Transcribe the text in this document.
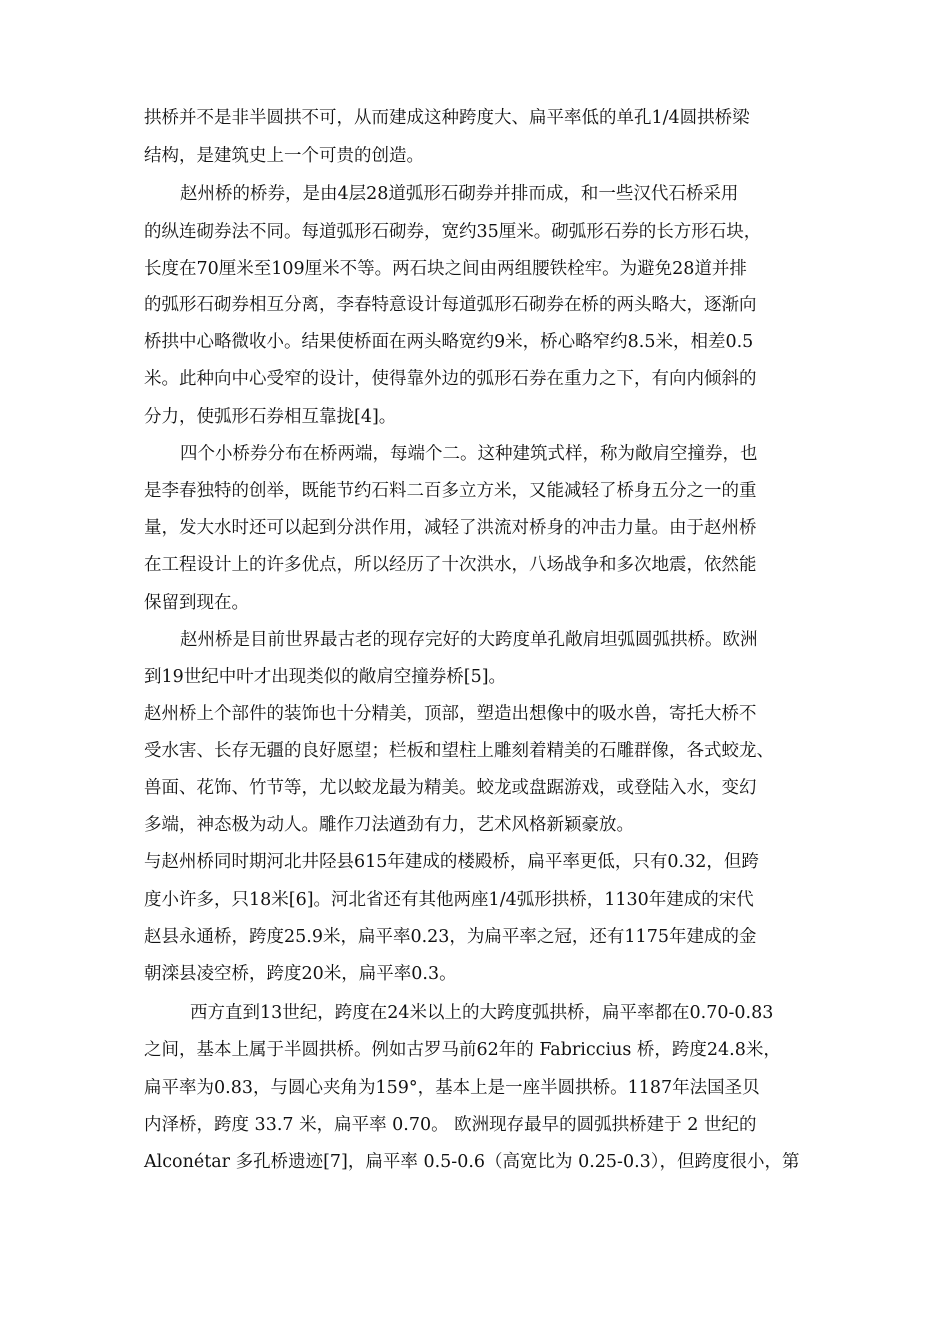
拱桥并不是非半圆拱不可，从而建成这种跨度大、扁平率低的单孔1/4圆拱桥梁
结构，是建筑史上一个可贵的创造。
赵州桥的桥券，是由4层28道弧形石砌券并排而成，和一些汉代石桥采用
的纵连砌券法不同。每道弧形石砌券，宽约35厘米。砌弧形石券的长方形石块，
长度在70厘米至109厘米不等。两石块之间由两组腰铁栓牢。为避免28道并排
的弧形石砌券相互分离，李春特意设计每道弧形石砌券在桥的两头略大，逐渐向
桥拱中心略微收小。结果使桥面在两头略宽约9米，桥心略窄约8.5米，相差0.5
米。此种向中心受窄的设计，使得靠外边的弧形石券在重力之下，有向内倾斜的
分力，使弧形石券相互靠拢[4]。
四个小桥券分布在桥两端，每端个二。这种建筑式样，称为敞肩空撞券，也
是李春独特的创举，既能节约石料二百多立方米，又能减轻了桥身五分之一的重
量，发大水时还可以起到分洪作用，减轻了洪流对桥身的冲击力量。由于赵州桥
在工程设计上的许多优点，所以经历了十次洪水，八场战争和多次地震，依然能
保留到现在。
赵州桥是目前世界最古老的现存完好的大跨度单孔敞肩坦弧圆弧拱桥。欧洲
到19世纪中叶才出现类似的敞肩空撞券桥[5]。
赵州桥上个部件的装饰也十分精美，顶部，塑造出想像中的吸水兽，寄托大桥不
受水害、长存无疆的良好愿望；栏板和望柱上雕刻着精美的石雕群像，各式蛟龙、
兽面、花饰、竹节等，尤以蛟龙最为精美。蛟龙或盘踞游戏，或登陆入水，变幻
多端，神态极为动人。雕作刀法遒劲有力，艺术风格新颖豪放。
与赵州桥同时期河北井陉县615年建成的楼殿桥，扁平率更低，只有0.32，但跨
度小许多，只18米[6]。河北省还有其他两座1/4弧形拱桥，1130年建成的宋代
赵县永通桥，跨度25.9米，扁平率0.23，为扁平率之冠，还有1175年建成的金
朝滦县凌空桥，跨度20米，扁平率0.3。
西方直到13世纪，跨度在24米以上的大跨度弧拱桥，扁平率都在0.70-0.83
之间，基本上属于半圆拱桥。例如古罗马前62年的 Fabriccius 桥，跨度24.8米，
扁平率为0.83，与圆心夹角为159°，基本上是一座半圆拱桥。1187年法国圣贝
内泽桥，跨度 33.7 米，扁平率 0.70。 欧洲现存最早的圆弧拱桥建于 2 世纪的
Alconétar 多孔桥遗迹[7]，扁平率 0.5-0.6（高宽比为 0.25-0.3），但跨度很小，第
